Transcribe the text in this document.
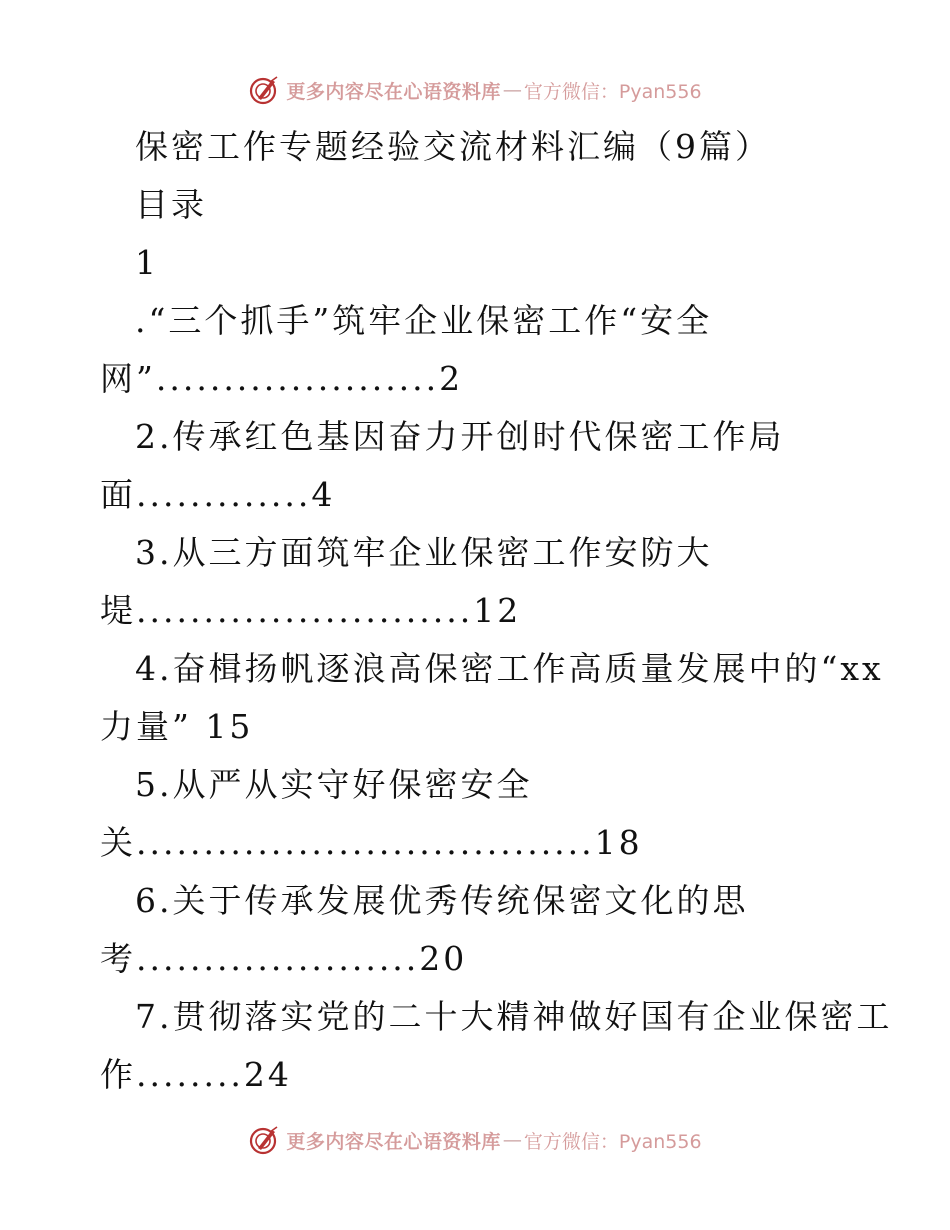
更多内容尽在心语资料库 — 官方微信：Pyan556
保密工作专题经验交流材料汇编（9篇）
目录
1
.“三个抓手”筑牢企业保密工作“安全
网”.....................2
2.传承红色基因奋力开创时代保密工作局
面.............4
3.从三方面筑牢企业保密工作安防大
堤.........................12
4.奋楫扬帆逐浪高保密工作高质量发展中的“xx
力量” 15
5.从严从实守好保密安全
关..................................18
6.关于传承发展优秀传统保密文化的思
考.....................20
7.贯彻落实党的二十大精神做好国有企业保密工
作........24
更多内容尽在心语资料库 — 官方微信：Pyan556
